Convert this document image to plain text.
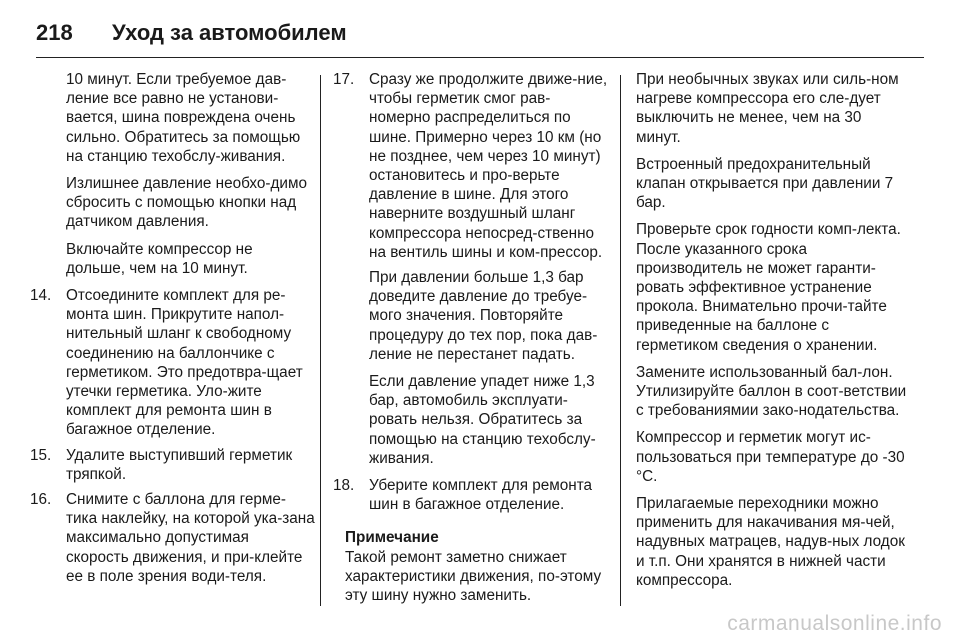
218	Уход за автомобилем

10 минут. Если требуемое дав-ление все равно не установи-вается, шина повреждена очень сильно. Обратитесь за помощью на станцию техобслу-живания.

Излишнее давление необхо-димо сбросить с помощью кнопки над датчиком давления.

Включайте компрессор не дольше, чем на 10 минут.

14. Отсоедините комплект для ре-монта шин. Прикрутите напол-нительный шланг к свободному соединению на баллончике с герметиком. Это предотвра-щает утечки герметика. Уло-жите комплект для ремонта шин в багажное отделение.
15. Удалите выступивший герметик тряпкой.
16. Снимите с баллона для герме-тика наклейку, на которой ука-зана максимально допустимая скорость движения, и при-клейте ее в поле зрения води-теля.
17. Сразу же продолжите движе-ние, чтобы герметик смог рав-номерно распределиться по шине. Примерно через 10 км (но не позднее, чем через 10 минут) остановитесь и про-верьте давление в шине. Для этого наверните воздушный шланг компрессора непосред-ственно на вентиль шины и ком-прессор.

При давлении больше 1,3 бар доведите давление до требуе-мого значения. Повторяйте процедуру до тех пор, пока дав-ление не перестанет падать.

Если давление упадет ниже 1,3 бар, автомобиль эксплуати-ровать нельзя. Обратитесь за помощью на станцию техобслу-живания.

18. Уберите комплект для ремонта шин в багажное отделение.
Примечание
Такой ремонт заметно снижает характеристики движения, по-этому эту шину нужно заменить.

При необычных звуках или силь-ном нагреве компрессора его сле-дует выключить не менее, чем на 30 минут.

Встроенный предохранительный клапан открывается при давлении 7 бар.

Проверьте срок годности комп-лекта. После указанного срока производитель не может гаранти-ровать эффективное устранение прокола. Внимательно прочи-тайте приведенные на баллоне с герметиком сведения о хранении.

Замените использованный бал-лон. Утилизируйте баллон в соот-ветствии с требованиямии зако-нодательства.

Компрессор и герметик могут ис-пользоваться при температуре до -30 °C.

Прилагаемые переходники можно применить для накачивания мя-чей, надувных матрацев, надув-ных лодок и т.п. Они хранятся в нижней части компрессора.

carmanualsonline.info
